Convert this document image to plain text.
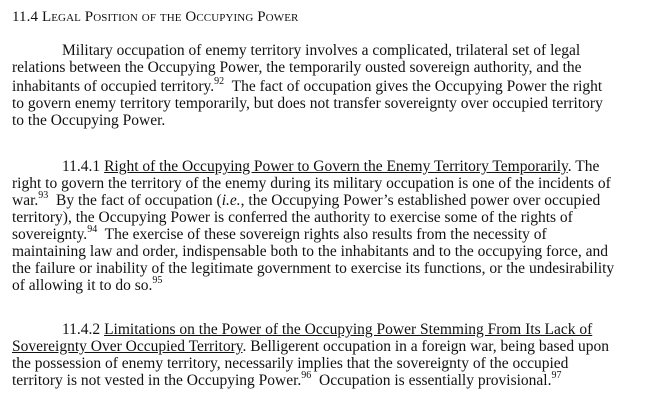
11.4 Legal Position of the Occupying Power
Military occupation of enemy territory involves a complicated, trilateral set of legal
relations between the Occupying Power, the temporarily ousted sovereign authority, and the
inhabitants of occupied territory.$^{92}$ The fact of occupation gives the Occupying Power the right
to govern enemy territory temporarily, but does not transfer sovereignty over occupied territory
to the Occupying Power.
11.4.1 Right of the Occupying Power to Govern the Enemy Territory Temporarily. The
right to govern the territory of the enemy during its military occupation is one of the incidents of
war.$^{93}$ By the fact of occupation (i.e., the Occupying Power’s established power over occupied
territory), the Occupying Power is conferred the authority to exercise some of the rights of
sovereignty.$^{94}$ The exercise of these sovereign rights also results from the necessity of
maintaining law and order, indispensable both to the inhabitants and to the occupying force, and
the failure or inability of the legitimate government to exercise its functions, or the undesirability
of allowing it to do so.$^{95}$
11.4.2 Limitations on the Power of the Occupying Power Stemming From Its Lack of
Sovereignty Over Occupied Territory. Belligerent occupation in a foreign war, being based upon
the possession of enemy territory, necessarily implies that the sovereignty of the occupied
territory is not vested in the Occupying Power.$^{96}$ Occupation is essentially provisional.$^{97}$
